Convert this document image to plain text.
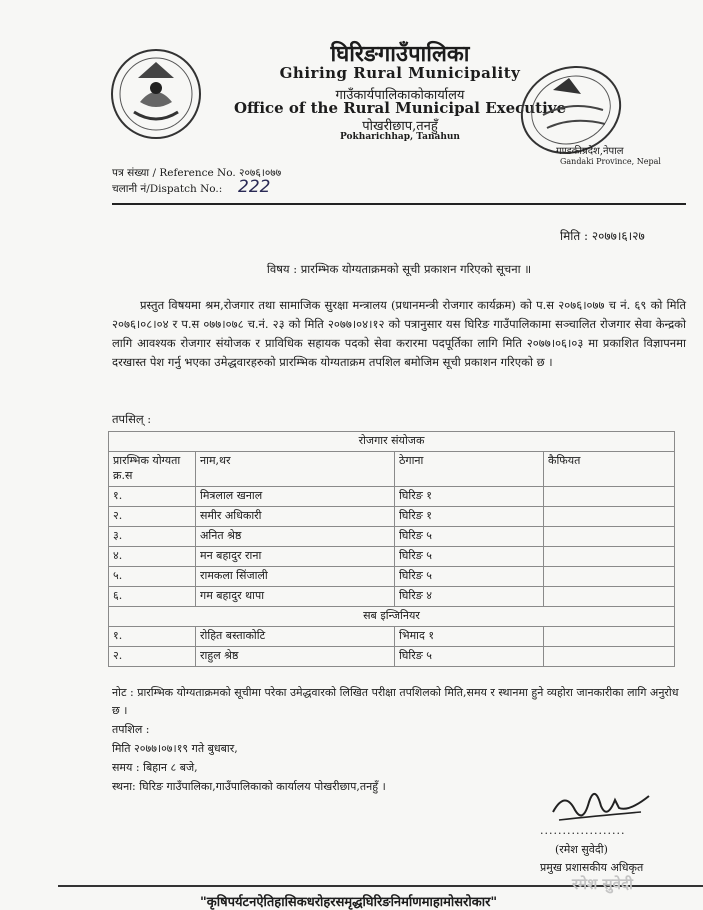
घिरिङगाउँपालिका
Ghiring Rural Municipality
गाउँकार्यपालिकाकोकार्यालय
Office of the Rural Municipal Executive
पोखरीछाप,तनहुँ
Pokharichhap, Tanahun
गण्डकीप्रदेश,नेपाल
Gandaki Province, Nepal
पत्र संख्या / Reference No. २०७६।०७७
चलानी नं/Dispatch No.: 222
मिति : २०७७।६।२७
विषय : प्रारम्भिक योग्यताक्रमको सूची प्रकाशन गरिएको सूचना ॥
प्रस्तुत विषयमा श्रम,रोजगार तथा सामाजिक सुरक्षा मन्त्रालय (प्रधानमन्त्री रोजगार कार्यक्रम) को प.स २०७६।०७७ च नं. ६९ को मिति २०७६।०८।०४ र प.स ०७७।०७८ च.नं. २३ को मिति २०७७।०४।१२ को पत्रानुसार यस घिरिङ गाउँपालिकामा सञ्चालित रोजगार सेवा केन्द्रको लागि आवश्यक रोजगार संयोजक र प्राविधिक सहायक पदको सेवा करारमा पदपूर्तिका लागि मिति २०७७।०६।०३ मा प्रकाशित विज्ञापनमा दरखास्त पेश गर्नु भएका उमेद्धवारहरुको प्रारम्भिक योग्यताक्रम तपशिल बमोजिम सूची प्रकाशन गरिएको छ ।
तपसिल् :
रोजगार संयोजक			
प्रारम्भिक योग्यता क्र.स	नाम,थर	ठेगाना	कैफियत
१.	मित्रलाल खनाल	घिरिङ १	
२.	समीर अधिकारी	घिरिङ १	
३.	अनित श्रेष्ठ	घिरिङ ५	
४.	मन बहादुर राना	घिरिङ ५	
५.	रामकला सिंजाली	घिरिङ ५	
६.	गम बहादुर थापा	घिरिङ ४	
सब इन्जिनियर			
१.	रोहित बस्ताकोटि	भिमाद १	
२.	राहुल श्रेष्ठ	घिरिङ ५	
नोट : प्रारम्भिक योग्यताक्रमको सूचीमा परेका उमेद्धवारको लिखित परीक्षा तपशिलको मिति,समय र स्थानमा हुने व्यहोरा जानकारीका लागि अनुरोध छ ।
तपशिल :
मिति २०७७।०७।१९ गते बुधबार,
समय : बिहान ८ बजे,
स्थना: घिरिङ गाउँपालिका,गाउँपालिकाको कार्यालय पोखरीछाप,तनहुँ ।
...................
(रमेश सुवेदी)
प्रमुख प्रशासकीय अधिकृत
रमेश सुवेदी
"कृषिपर्यटनऐतिहासिकधरोहरसमृद्धघिरिङनिर्माणमाहामोसरोकार"
